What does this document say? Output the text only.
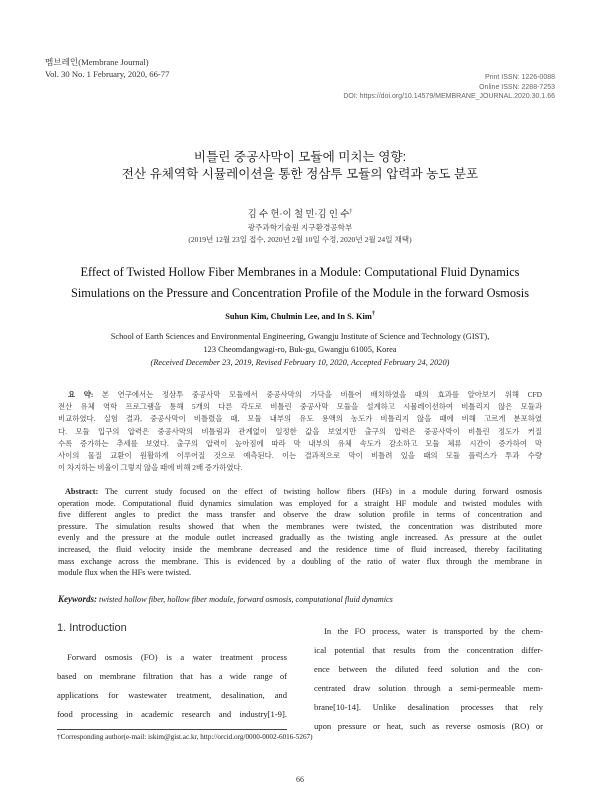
멤브레인(Membrane Journal)
Vol. 30 No. 1 February, 2020, 66-77	Print ISSN: 1226-0088
Online ISSN: 2288-7253
DOI: https://doi.org/10.14579/MEMBRANE_JOURNAL.2020.30.1.66
비틀린 중공사막이 모듈에 미치는 영향:
전산 유체역학 시뮬레이션을 통한 정삼투 모듈의 압력과 농도 분포
김 수 헌·이 철 민·김 인 수†
광주과학기술원 지구환경공학부
(2019년 12월 23일 접수, 2020년 2월 10일 수정, 2020년 2월 24일 채택)
Effect of Twisted Hollow Fiber Membranes in a Module: Computational Fluid Dynamics
Simulations on the Pressure and Concentration Profile of the Module in the forward Osmosis
Suhun Kim, Chulmin Lee, and In S. Kim†
School of Earth Sciences and Environmental Engineering, Gwangju Institute of Science and Technology (GIST),
123 Cheomdangwagi-ro, Buk-gu, Gwangju 61005, Korea
(Received December 23, 2019, Revised February 10, 2020, Accepted February 24, 2020)
요 약: 본 연구에서는 정삼투 중공사막 모듈에서 중공사막의 가닥을 비틀어 배치하였을 때의 효과를 알아보기 위해 CFD
전산 유체 역학 프로그램을 통해 5개의 다른 각도로 비틀린 중공사막 모듈을 설계하고 시뮬레이션하여 비틀리지 않은 모듈과
비교하였다. 실험 결과, 중공사막이 비틀렸을 때, 모듈 내부의 유도 용액의 농도가 비틀리지 않을 때에 비해 고르게 분포하였
다. 모듈 입구의 압력은 중공사막의 비틀림과 관계없이 일정한 값을 보였지만 출구의 압력은 중공사막이 비틀린 정도가 커질
수록 증가하는 추세를 보였다. 출구의 압력이 높아짐에 따라 막 내부의 유체 속도가 감소하고 모듈 체류 시간이 증가하여 막
사이의 물질 교환이 원활하게 이루어질 것으로 예측된다. 이는 결과적으로 막이 비틀려 있을 때의 모듈 플럭스가 투과 수량
이 차지하는 비율이 그렇지 않을 때에 비해 2배 증가하였다.
Abstract: The current study focused on the effect of twisting hollow fibers (HFs) in a module during forward osmosis
operation mode. Computational fluid dynamics simulation was employed for a straight HF module and twisted modules with
five different angles to predict the mass transfer and observe the draw solution profile in terms of concentration and
pressure. The simulation results showed that when the membranes were twisted, the concentration was distributed more
evenly and the pressure at the module outlet increased gradually as the twisting angle increased. As pressure at the outlet
increased, the fluid velocity inside the membrane decreased and the residence time of fluid increased, thereby facilitating
mass exchange across the membrane. This is evidenced by a doubling of the ratio of water flux through the membrane in
module flux when the HFs were twisted.
Keywords: twisted hollow fiber, hollow fiber module, forward osmosis, computational fluid dynamics
1. Introduction
Forward osmosis (FO) is a water treatment process
based on membrane filtration that has a wide range of
applications for wastewater treatment, desalination, and
food processing in academic research and industry[1-9].
In the FO process, water is transported by the chem-
ical potential that results from the concentration differ-
ence between the diluted feed solution and the con-
centrated draw solution through a semi-permeable mem-
brane[10-14]. Unlike desalination processes that rely
upon pressure or heat, such as reverse osmosis (RO) or
†Corresponding author(e-mail: iskim@gist.ac.kr, http://orcid.org/0000-0002-6016-5267)
66
